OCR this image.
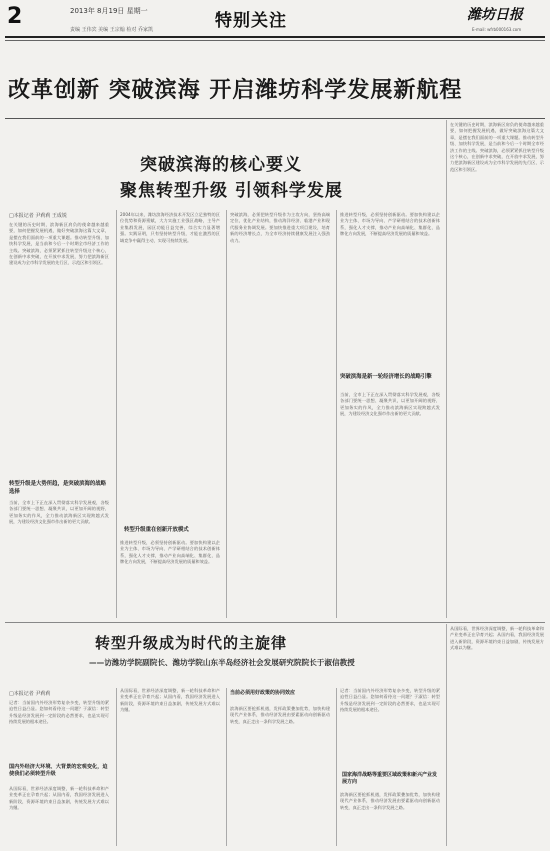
2	2013年 8月19日 星期一
责编 王伟宾 美编 王宗翰 检对 乔家凯	特别关注	潍坊日报
E-mail: wfrb000163.com
改革创新 突破滨海 开启潍坊科学发展新航程
突破滨海的核心要义
聚焦转型升级 引领科学发展
□本报记者 尹莉莉 王成锐
在关键的历史时期，滨海新区肩负的使命越来越重要，如何把握发展机遇，做好突破滨海这篇大文章，是摆在我们面前的一项重大课题。推动转型升级、加快科学发展，是当前和今后一个时期全市经济工作的主线。突破滨海，必须紧紧抓住转型升级这个核心，在创新中求突破，在开放中求发展，努力把滨海新区建设成为全市科学发展的先行区、示范区和引领区。
转型升级是大势所趋，是突破滨海的战略选择
当前，全市上下正在深入贯彻落实科学发展观，各级各部门要统一思想、凝聚共识，以更加开阔的视野、更加务实的作风，全力推动滨海新区实现跨越式发展，为建设经济文化强市作出新的更大贡献。
2004年以来，潍坊滨海经济技术开发区立足独特的区位优势和资源禀赋，大力实施工业强区战略，主导产业集群发展，园区功能日益完善，综合实力显著增强。实践证明，只有坚持转型升级，才能在激烈的区域竞争中赢得主动，实现可持续发展。
转型升级重在创新开放模式
推进转型升级，必须坚持创新驱动。要加快构建以企业为主体、市场为导向、产学研相结合的技术创新体系，强化人才支撑，推动产业向高端化、集群化、品牌化方向发展，不断提高经济发展的质量和效益。
突破滨海，必须把转型升级作为主攻方向，坚持高端定位，优化产业结构，推动海洋经济、临港产业和现代服务业协调发展。要加快推进重大项目建设，培育新的经济增长点，为全市经济持续健康发展注入强劲动力。
推进转型升级，必须坚持创新驱动。要加快构建以企业为主体、市场为导向、产学研相结合的技术创新体系，强化人才支撑，推动产业向高端化、集群化、品牌化方向发展，不断提高经济发展的质量和效益。
突破滨海是新一轮经济增长的战略引擎
当前，全市上下正在深入贯彻落实科学发展观，各级各部门要统一思想、凝聚共识，以更加开阔的视野、更加务实的作风，全力推动滨海新区实现跨越式发展，为建设经济文化强市作出新的更大贡献。
在关键的历史时期，滨海新区肩负的使命越来越重要，如何把握发展机遇，做好突破滨海这篇大文章，是摆在我们面前的一项重大课题。推动转型升级、加快科学发展，是当前和今后一个时期全市经济工作的主线。突破滨海，必须紧紧抓住转型升级这个核心，在创新中求突破，在开放中求发展，努力把滨海新区建设成为全市科学发展的先行区、示范区和引领区。
转型升级成为时代的主旋律
——访潍坊学院副院长、潍坊学院山东半岛经济社会发展研究院院长于淑信教授
□本报记者 尹莉莉
记者：当前国内外经济形势复杂多变，转型升级的紧迫性日益凸显。您如何看待这一问题？于淑信：转型升级是经济发展到一定阶段的必然要求，也是实现可持续发展的根本途径。
国内外经济大环境、大背景的宏观变化，迫使我们必须转型升级
从国际看，世界经济深度调整，新一轮科技革命和产业变革正在孕育兴起；从国内看，我国经济发展进入新阶段，资源环境约束日益加剧，传统发展方式难以为继。
从国际看，世界经济深度调整，新一轮科技革命和产业变革正在孕育兴起；从国内看，我国经济发展进入新阶段，资源环境约束日益加剧，传统发展方式难以为继。
当前必须用好政策的协同效应
滨海新区要抢抓机遇，发挥政策叠加优势，加快构建现代产业体系，推动经济发展由要素驱动向创新驱动转变，真正走出一条科学发展之路。
记者：当前国内外经济形势复杂多变，转型升级的紧迫性日益凸显。您如何看待这一问题？于淑信：转型升级是经济发展到一定阶段的必然要求，也是实现可持续发展的根本途径。
国家海洋战略等重要区域政策和新兴产业发展方向
滨海新区要抢抓机遇，发挥政策叠加优势，加快构建现代产业体系，推动经济发展由要素驱动向创新驱动转变，真正走出一条科学发展之路。
从国际看，世界经济深度调整，新一轮科技革命和产业变革正在孕育兴起；从国内看，我国经济发展进入新阶段，资源环境约束日益加剧，传统发展方式难以为继。
